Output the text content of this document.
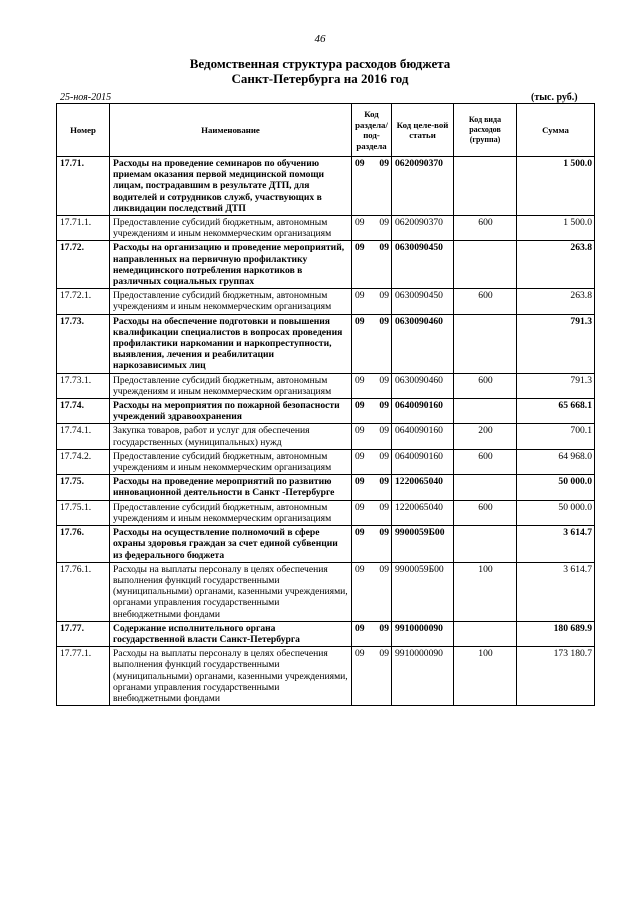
46
Ведомственная структура расходов бюджета
Санкт-Петербурга на 2016 год
25-ноя-2015	(тыс. руб.)
Номер	Наименование	Код раздела/ под-раздела	Код целе-вой статьи	Код вида расходов (группа)	Сумма
17.71.	Расходы на проведение семинаров по обучению приемам оказания первой медицинской помощи лицам, пострадавшим в результате ДТП, для водителей и сотрудников служб, участвующих в ликвидации последствий ДТП	09 09	0620090370		1 500.0
17.71.1.	Предоставление субсидий бюджетным, автономным учреждениям и иным некоммерческим организациям	09 09	0620090370	600	1 500.0
17.72.	Расходы на организацию и проведение мероприятий, направленных на первичную профилактику немедицинского потребления наркотиков в различных социальных группах	09 09	0630090450		263.8
17.72.1.	Предоставление субсидий бюджетным, автономным учреждениям и иным некоммерческим организациям	09 09	0630090450	600	263.8
17.73.	Расходы на обеспечение подготовки и повышения квалификации специалистов в вопросах проведения профилактики наркомании и наркопреступности, выявления, лечения и реабилитации наркозависимых лиц	09 09	0630090460		791.3
17.73.1.	Предоставление субсидий бюджетным, автономным учреждениям и иным некоммерческим организациям	09 09	0630090460	600	791.3
17.74.	Расходы на мероприятия по пожарной безопасности учреждений здравоохранения	09 09	0640090160		65 668.1
17.74.1.	Закупка товаров, работ и услуг для обеспечения государственных (муниципальных) нужд	09 09	0640090160	200	700.1
17.74.2.	Предоставление субсидий бюджетным, автономным учреждениям и иным некоммерческим организациям	09 09	0640090160	600	64 968.0
17.75.	Расходы на проведение мероприятий по развитию инновационной деятельности в Санкт -Петербурге	09 09	1220065040		50 000.0
17.75.1.	Предоставление субсидий бюджетным, автономным учреждениям и иным некоммерческим организациям	09 09	1220065040	600	50 000.0
17.76.	Расходы на осуществление полномочий в сфере охраны здоровья граждан за счет единой субвенции из федерального бюджета	09 09	9900059Б00		3 614.7
17.76.1.	Расходы на выплаты персоналу в целях обеспечения выполнения функций государственными (муниципальными) органами, казенными учреждениями, органами управления государственными внебюджетными фондами	09 09	9900059Б00	100	3 614.7
17.77.	Содержание исполнительного органа государственной власти Санкт-Петербурга	09 09	9910000090		180 689.9
17.77.1.	Расходы на выплаты персоналу в целях обеспечения выполнения функций государственными (муниципальными) органами, казенными учреждениями, органами управления государственными внебюджетными фондами	09 09	9910000090	100	173 180.7
